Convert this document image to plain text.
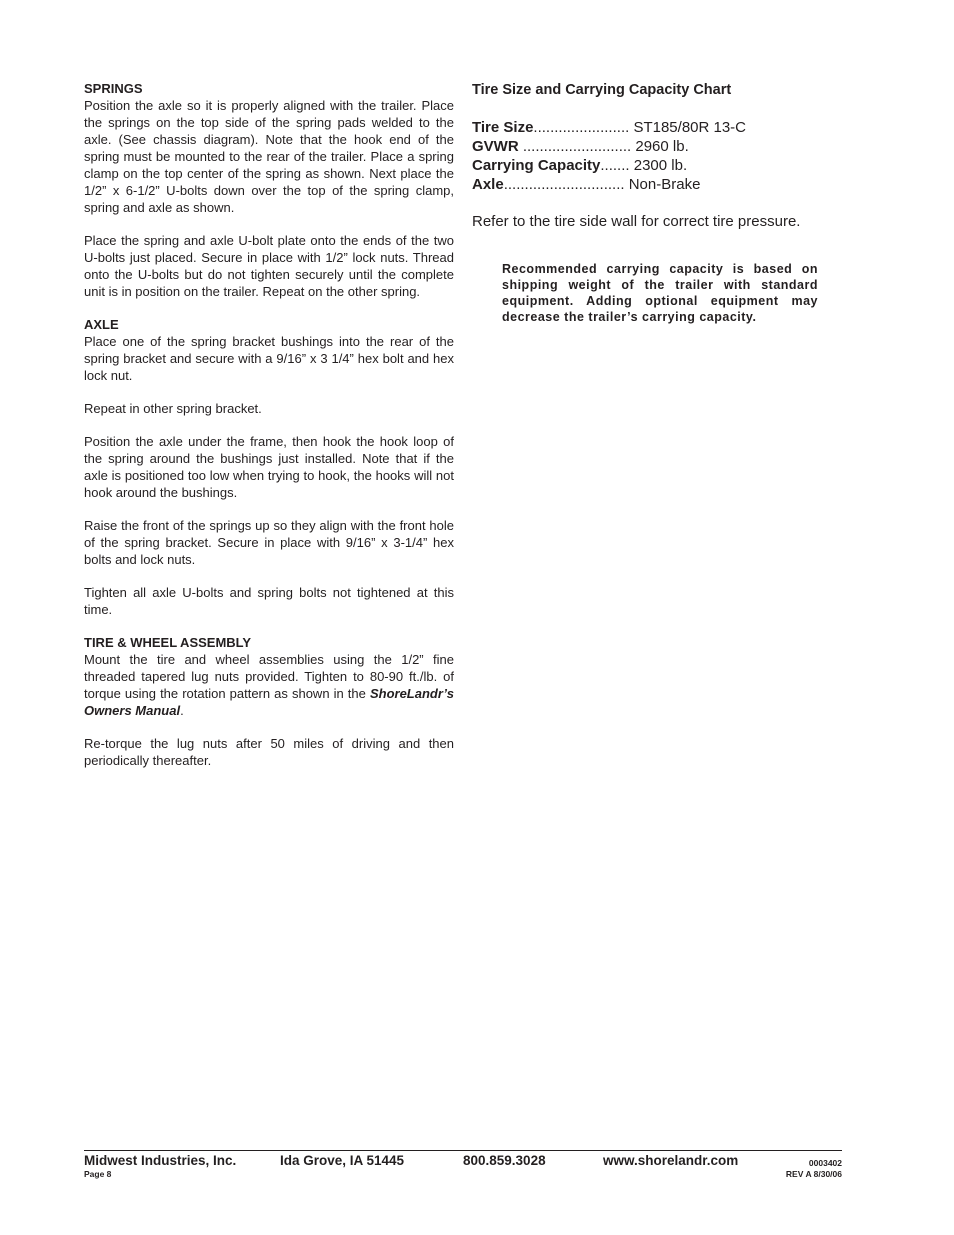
SPRINGS

Position the axle so it is properly aligned with the trailer. Place the springs on the top side of the spring pads welded to the axle. (See chassis diagram). Note that the hook end of the spring must be mounted to the rear of the trailer. Place a spring clamp on the top center of the spring as shown. Next place the 1/2” x 6-1/2” U-bolts down over the top of the spring clamp, spring and axle as shown.

Place the spring and axle U-bolt plate onto the ends of the two U-bolts just placed. Secure in place with 1/2” lock nuts. Thread onto the U-bolts but do not tighten securely until the complete unit is in position on the trailer. Repeat on the other spring.

AXLE

Place one of the spring bracket bushings into the rear of the spring bracket and secure with a 9/16” x 3 1/4” hex bolt and hex lock nut.

Repeat in other spring bracket.

Position the axle under the frame, then hook the hook loop of the spring around the bushings just installed. Note that if the axle is positioned too low when trying to hook, the hooks will not hook around the bushings.

Raise the front of the springs up so they align with the front hole of the spring bracket. Secure in place with 9/16” x 3-1/4” hex bolts and lock nuts.

Tighten all axle U-bolts and spring bolts not tightened at this time.

TIRE & WHEEL ASSEMBLY

Mount the tire and wheel assemblies using the 1/2” fine threaded tapered lug nuts provided. Tighten to 80-90 ft./lb. of torque using the rotation pattern as shown in the ShoreLandr’s Owners Manual.

Re-torque the lug nuts after 50 miles of driving and then periodically thereafter.

Tire Size and Carrying Capacity Chart
Tire Size....................... ST185/80R 13-C
GVWR .......................... 2960 lb.
Carrying Capacity....... 2300 lb.
Axle............................. Non-Brake
Refer to the tire side wall for correct tire pressure.
Recommended carrying capacity is based on shipping weight of the trailer with standard equipment. Adding optional equipment may decrease the trailer’s carrying capacity.
Midwest Industries, Inc.	Ida Grove, IA 51445	800.859.3028	www.shorelandr.com
Page 8
0003402
REV A 8/30/06
